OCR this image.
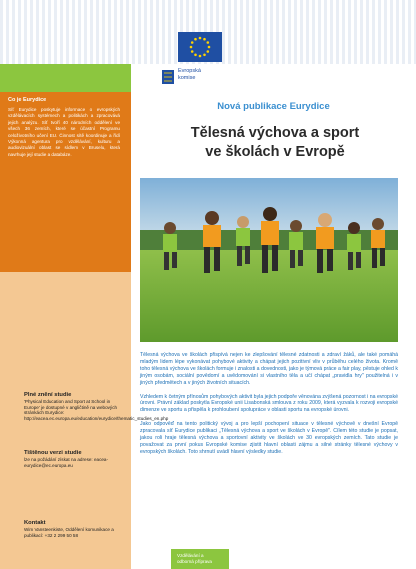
Evropská
komise
Co je Eurydice
Síť Eurydice poskytuje informace o evropských vzdělávacích systémech a politikách a zpracovává jejich analýzu. Síť tvoří 40 národních oddělení ve všech 36 zemích, které se účastní Programu celoživotního učení EU. Činnost sítě koordinuje a řídí Výkonná agentura pro vzdělávání, kulturu a audiovizuální oblast se sídlem v Bruselu, která navrhuje její studie a databáze.
Plné znění studie

'Physical Education and Sport at School in Europe' je dostupné v angličtině na webových stránkách Eurydice: http://eacea.ec.europa.eu/education/eurydice/thematic_studies_en.php

Tištěnou verzi studie

lze na požádání získat na adrese: eacea-eurydice@ec.europa.eu

Kontakt

Wim Vansteenkiste, Oddělení komunikace a publikací: +32 2 299 50 58

Nová publikace Eurydice
Tělesná výchova a sport
ve školách v Evropě

Tělesná výchova ve školách přispívá nejen ke zlepšování tělesné zdatnosti a zdraví žáků, ale také pomáhá mladým lidem lépe vykonávat pohybové aktivity a chápat jejich pozitivní vliv v průběhu celého života. Kromě toho tělesná výchova ve školách formuje i znalosti a dovednosti, jako je týmová práce a fair play, pěstuje ohled k jiným osobám, sociální povědomí a uvědomování si vlastního těla a učí chápat „pravidla hry" použitelná i v jiných předmětech a v jiných životních situacích.

Vzhledem k četným přínosům pohybových aktivit byla jejich podpoře věnována zvýšená pozornost i na evropské úrovni. Právní základ poskytla Evropské unii Lisabonská smlouva z roku 2009, která vyzvala k rozvoji evropské dimenze ve sportu a přispěla k prohloubení spolupráce v oblasti sportu na evropské úrovni.

Jako odpověď na tento politický vývoj a pro lepší pochopení situace v tělesné výchově v dnešní Evropě zpracovala síť Eurydice publikaci „Tělesná výchova a sport ve školách v Evropě". Cílem této studie je popsat, jakou roli hraje tělesná výchova a sportovní aktivity ve školách ve 30 evropských zemích. Tato studie je považovat za první pokus Evropské komise zjistit hlavní oblasti zájmu a silné stránky tělesné výchovy v evropských školách. Toto shrnutí uvádí hlavní výsledky studie.

Vzdělávání a
odborná příprava
